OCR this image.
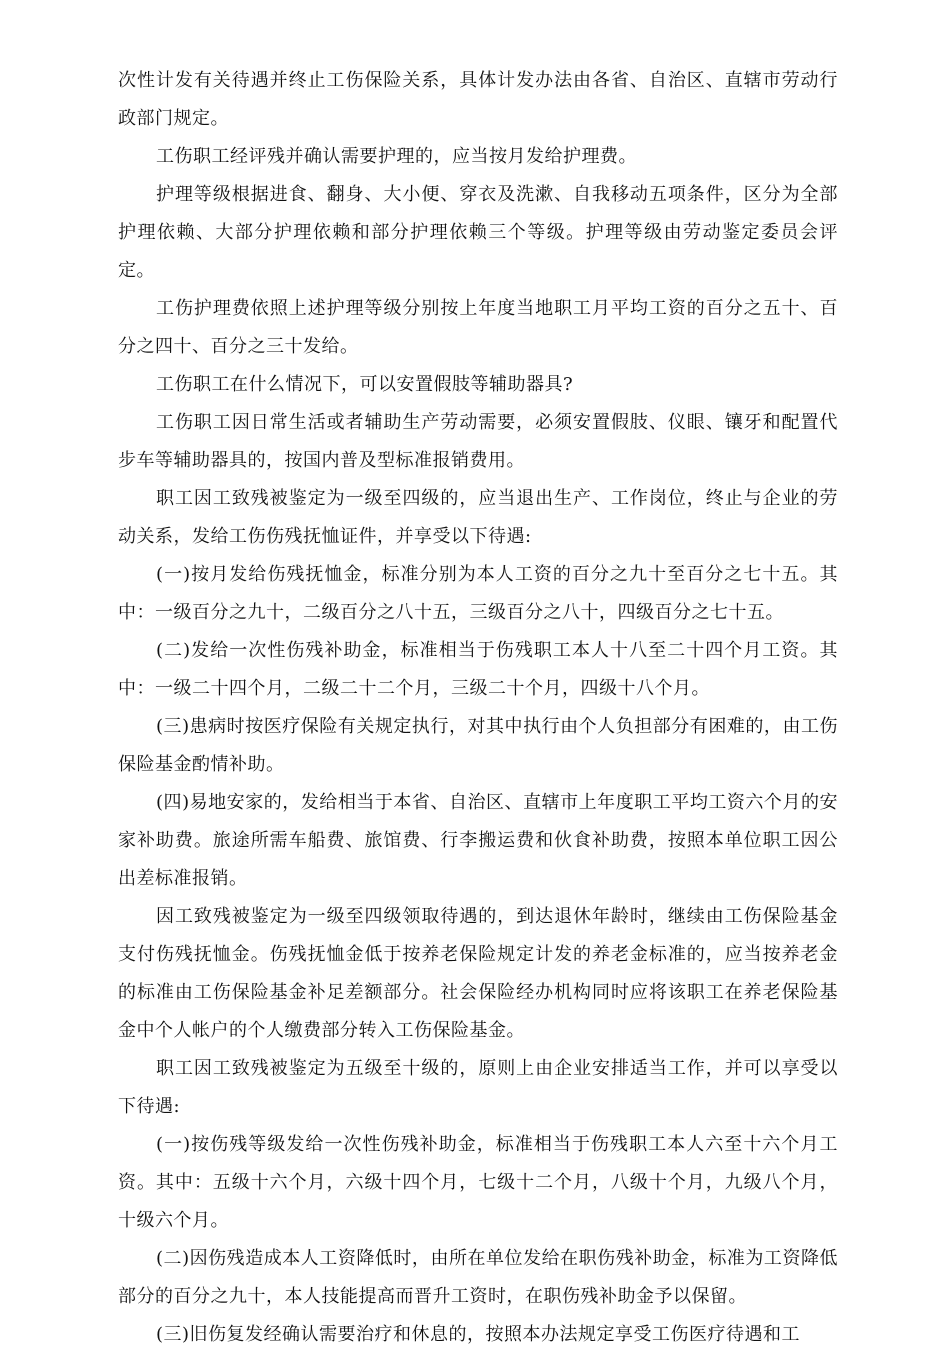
次性计发有关待遇并终止工伤保险关系，具体计发办法由各省、自治区、直辖市劳动行政部门规定。

工伤职工经评残并确认需要护理的，应当按月发给护理费。

护理等级根据进食、翻身、大小便、穿衣及洗漱、自我移动五项条件，区分为全部护理依赖、大部分护理依赖和部分护理依赖三个等级。护理等级由劳动鉴定委员会评定。

工伤护理费依照上述护理等级分别按上年度当地职工月平均工资的百分之五十、百分之四十、百分之三十发给。

工伤职工在什么情况下，可以安置假肢等辅助器具?

工伤职工因日常生活或者辅助生产劳动需要，必须安置假肢、仪眼、镶牙和配置代步车等辅助器具的，按国内普及型标准报销费用。

职工因工致残被鉴定为一级至四级的，应当退出生产、工作岗位，终止与企业的劳动关系，发给工伤伤残抚恤证件，并享受以下待遇:

(一)按月发给伤残抚恤金，标准分别为本人工资的百分之九十至百分之七十五。其中：一级百分之九十，二级百分之八十五，三级百分之八十，四级百分之七十五。

(二)发给一次性伤残补助金，标准相当于伤残职工本人十八至二十四个月工资。其中：一级二十四个月，二级二十二个月，三级二十个月，四级十八个月。

(三)患病时按医疗保险有关规定执行，对其中执行由个人负担部分有困难的，由工伤保险基金酌情补助。

(四)易地安家的，发给相当于本省、自治区、直辖市上年度职工平均工资六个月的安家补助费。旅途所需车船费、旅馆费、行李搬运费和伙食补助费，按照本单位职工因公出差标准报销。

因工致残被鉴定为一级至四级领取待遇的，到达退休年龄时，继续由工伤保险基金支付伤残抚恤金。伤残抚恤金低于按养老保险规定计发的养老金标准的，应当按养老金的标准由工伤保险基金补足差额部分。社会保险经办机构同时应将该职工在养老保险基金中个人帐户的个人缴费部分转入工伤保险基金。

职工因工致残被鉴定为五级至十级的，原则上由企业安排适当工作，并可以享受以下待遇:

(一)按伤残等级发给一次性伤残补助金，标准相当于伤残职工本人六至十六个月工资。其中：五级十六个月，六级十四个月，七级十二个月，八级十个月，九级八个月，十级六个月。

(二)因伤残造成本人工资降低时，由所在单位发给在职伤残补助金，标准为工资降低部分的百分之九十，本人技能提高而晋升工资时，在职伤残补助金予以保留。

(三)旧伤复发经确认需要治疗和休息的，按照本办法规定享受工伤医疗待遇和工
